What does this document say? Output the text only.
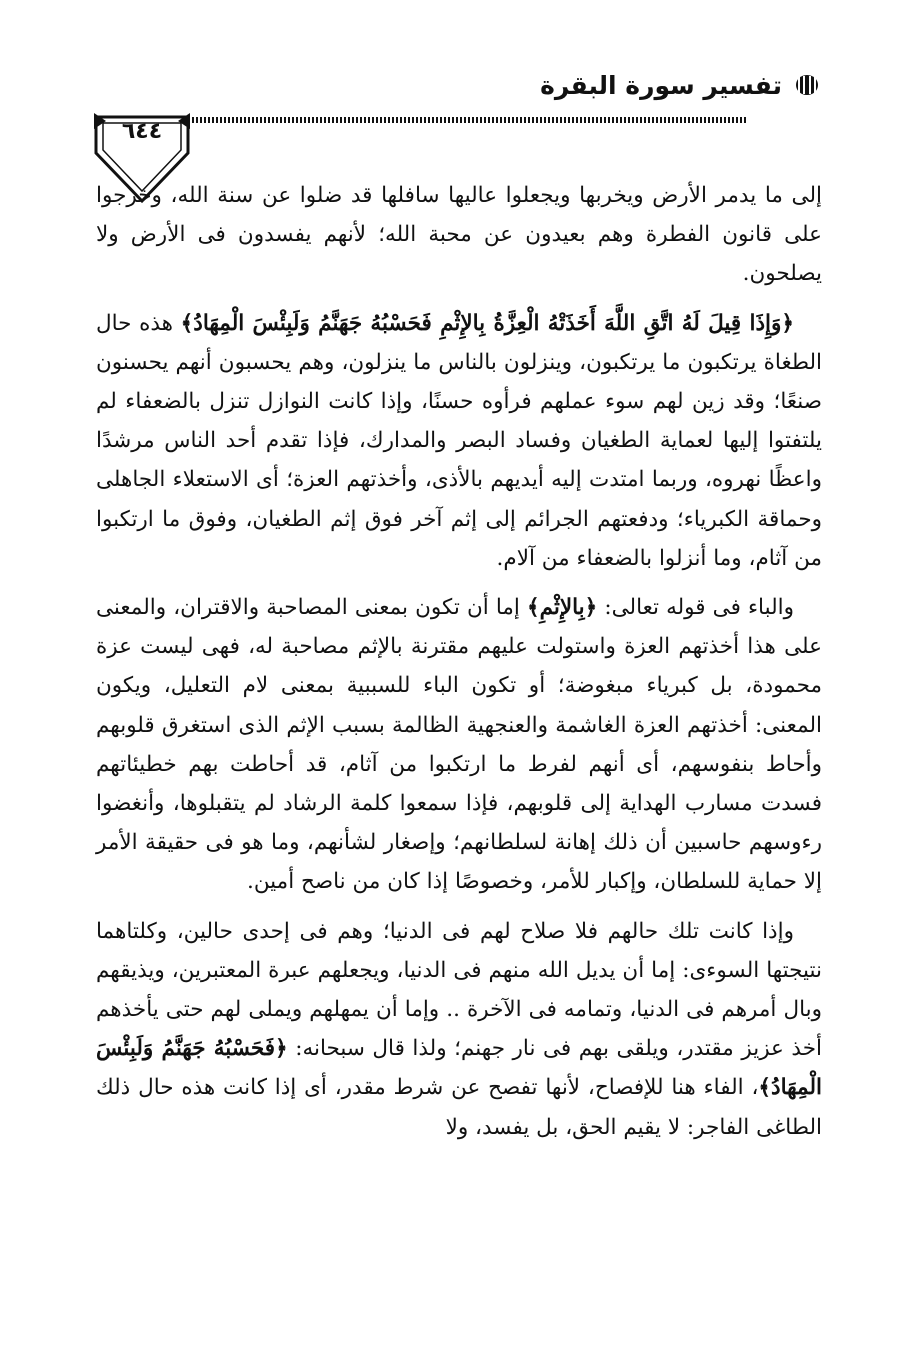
تفسير سورة البقرة
٦٤٤

إلى ما يدمر الأرض ويخربها ويجعلوا عاليها سافلها قد ضلوا عن سنة الله، وخرجوا على قانون الفطرة وهم بعيدون عن محبة الله؛ لأنهم يفسدون فى الأرض ولا يصلحون.

﴿وَإِذَا قِيلَ لَهُ اتَّقِ اللَّهَ أَخَذَتْهُ الْعِزَّةُ بِالإِثْمِ فَحَسْبُهُ جَهَنَّمُ وَلَبِئْسَ الْمِهَادُ﴾ هذه حال الطغاة يرتكبون ما يرتكبون، وينزلون بالناس ما ينزلون، وهم يحسبون أنهم يحسنون صنعًا؛ وقد زين لهم سوء عملهم فرأوه حسنًا، وإذا كانت النوازل تنزل بالضعفاء لم يلتفتوا إليها لعماية الطغيان وفساد البصر والمدارك، فإذا تقدم أحد الناس مرشدًا واعظًا نهروه، وربما امتدت إليه أيديهم بالأذى، وأخذتهم العزة؛ أى الاستعلاء الجاهلى وحماقة الكبرياء؛ ودفعتهم الجرائم إلى إثم آخر فوق إثم الطغيان، وفوق ما ارتكبوا من آثام، وما أنزلوا بالضعفاء من آلام.

والباء فى قوله تعالى: ﴿بِالإِثْمِ﴾ إما أن تكون بمعنى المصاحبة والاقتران، والمعنى على هذا أخذتهم العزة واستولت عليهم مقترنة بالإثم مصاحبة له، فهى ليست عزة محمودة، بل كبرياء مبغوضة؛ أو تكون الباء للسببية بمعنى لام التعليل، ويكون المعنى: أخذتهم العزة الغاشمة والعنجهية الظالمة بسبب الإثم الذى استغرق قلوبهم وأحاط بنفوسهم، أى أنهم لفرط ما ارتكبوا من آثام، قد أحاطت بهم خطيئاتهم فسدت مسارب الهداية إلى قلوبهم، فإذا سمعوا كلمة الرشاد لم يتقبلوها، وأنغضوا رءوسهم حاسبين أن ذلك إهانة لسلطانهم؛ وإصغار لشأنهم، وما هو فى حقيقة الأمر إلا حماية للسلطان، وإكبار للأمر، وخصوصًا إذا كان من ناصح أمين.

وإذا كانت تلك حالهم فلا صلاح لهم فى الدنيا؛ وهم فى إحدى حالين، وكلتاهما نتيجتها السوءى: إما أن يديل الله منهم فى الدنيا، ويجعلهم عبرة المعتبرين، ويذيقهم وبال أمرهم فى الدنيا، وتمامه فى الآخرة .. وإما أن يمهلهم ويملى لهم حتى يأخذهم أخذ عزيز مقتدر، ويلقى بهم فى نار جهنم؛ ولذا قال سبحانه: ﴿فَحَسْبُهُ جَهَنَّمُ وَلَبِئْسَ الْمِهَادُ﴾، الفاء هنا للإفصاح، لأنها تفصح عن شرط مقدر، أى إذا كانت هذه حال ذلك الطاغى الفاجر: لا يقيم الحق، بل يفسد، ولا
